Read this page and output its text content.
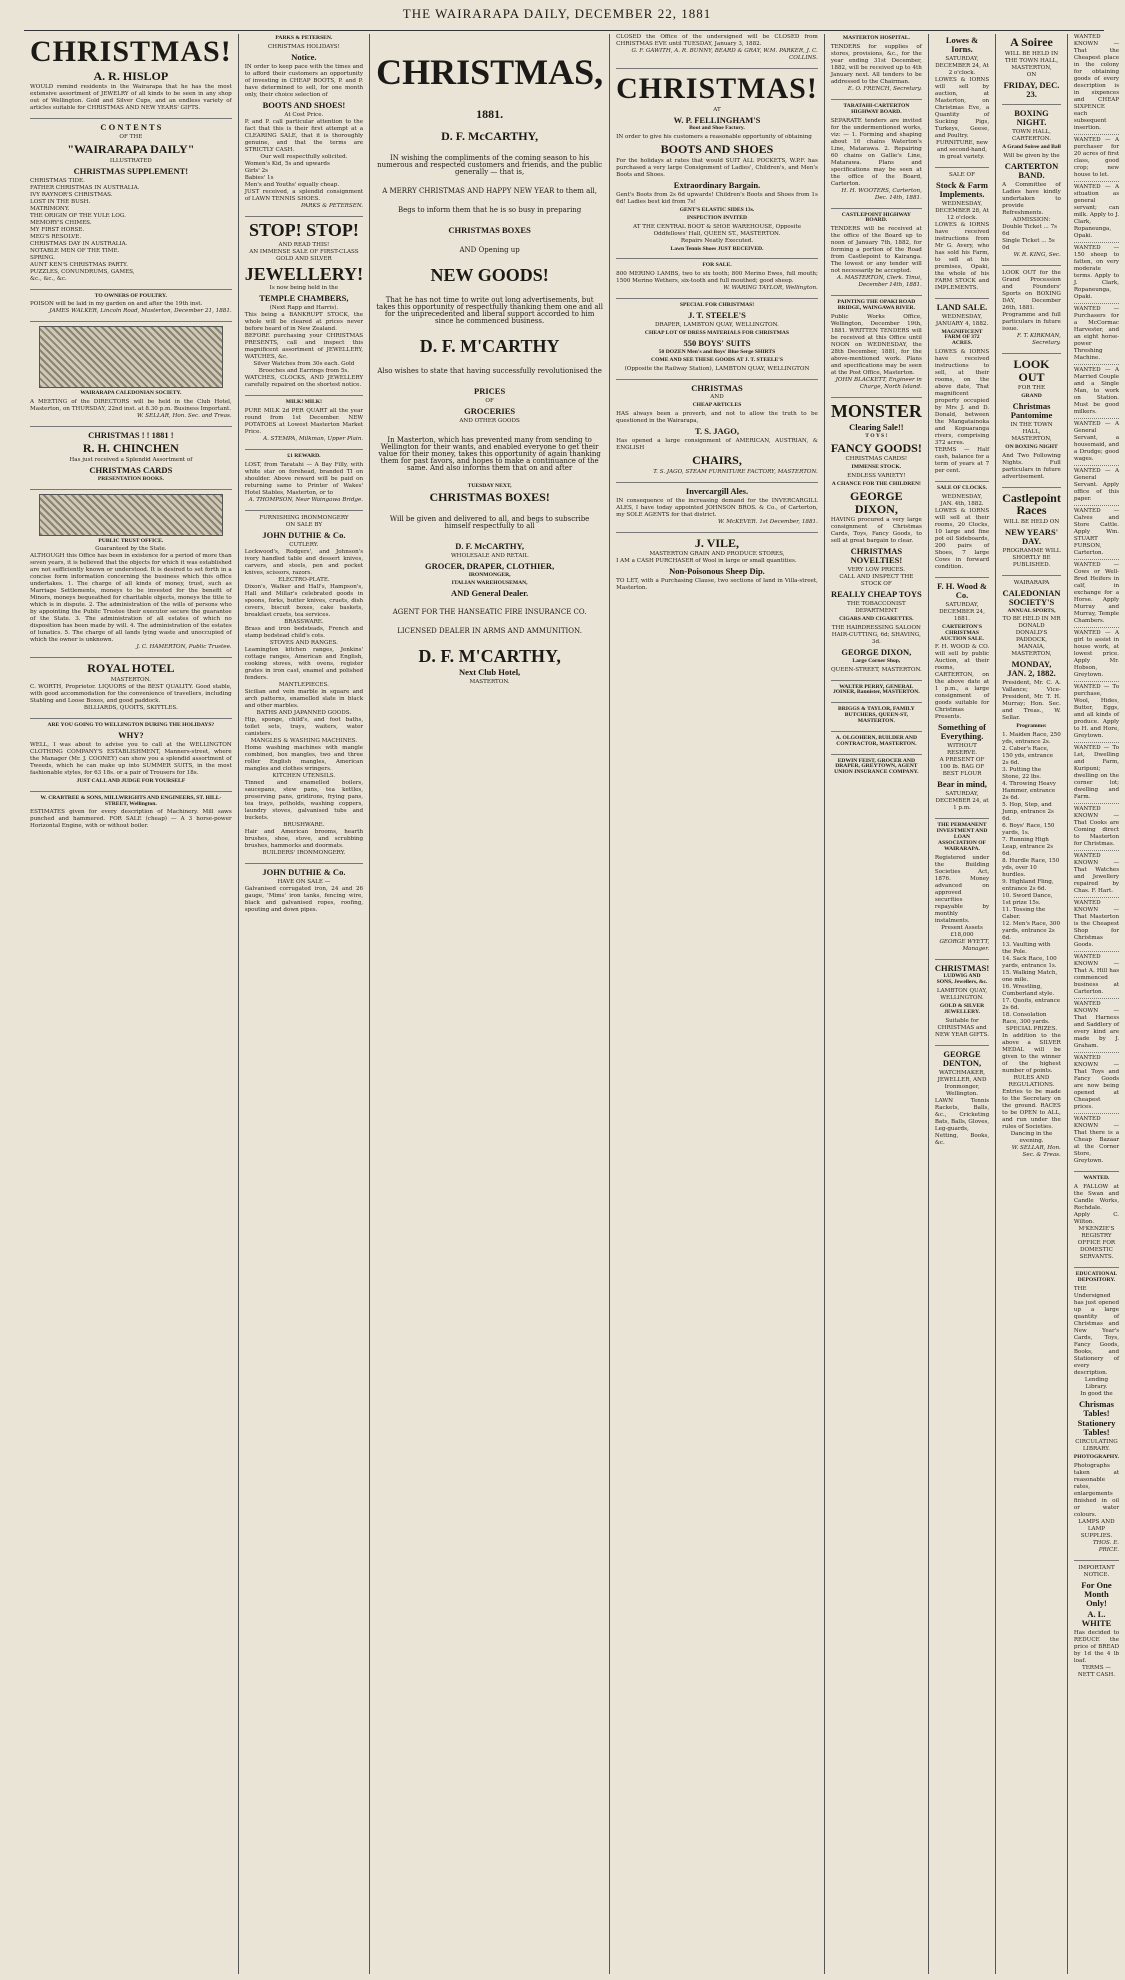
THE WAIRARAPA DAILY, DECEMBER 22, 1881
CHRISTMAS!
A. R. HISLOP
WOULD remind residents in the Wairarapa that he has the most extensive assortment of JEWELRY of all kinds to be seen in any shop out of Wellington. Gold and Silver Cups, and an endless variety of articles suitable for CHRISTMAS AND NEW YEARS' GIFTS.
C O N T E N T S
OF THE
"WAIRARAPA DAILY"
ILLUSTRATED
CHRISTMAS SUPPLEMENT!
CHRISTMAS TIDE.
FATHER CHRISTMAS IN AUSTRALIA.
IVY RAYNOR'S CHRISTMAS.
LOST IN THE BUSH.
MATRIMONY.
THE ORIGIN OF THE YULE LOG.
MEMORY'S CHIMES.
MY FIRST HORSE.
MEG'S RESOLVE.
CHRISTMAS DAY IN AUSTRALIA.
NOTABLE MEN OF THE TIME.
SPRING.
AUNT KEN'S CHRISTMAS PARTY.
PUZZLES, CONUNDRUMS, GAMES,
&c., &c., &c.
TO OWNERS OF POULTRY.
POISON will be laid in my garden on and after the 19th inst.
JAMES WALKER, Lincoln Road, Masterton, December 21, 1881.
WAIRARAPA CALEDONIAN SOCIETY.
A MEETING of the DIRECTORS will be held in the Club Hotel, Masterton, on THURSDAY, 22nd inst. at 8.30 p.m. Business Important.
W. SELLAR, Hon. Sec. and Treas.
CHRISTMAS ! ! 1881 !
R. H. CHINCHEN
Has just received a Splendid Assortment of
CHRISTMAS CARDS
PRESENTATION BOOKS.
PUBLIC TRUST OFFICE.
Guaranteed by the State.
ALTHOUGH this Office has been in existence for a period of more than seven years, it is believed that the objects for which it was established are not sufficiently known or understood. It is desired to set forth in a concise form information concerning the business which this office undertakes. 1. The charge of all kinds of money, trust, such as Marriage Settlements, moneys to be invested for the benefit of Minors, moneys bequeathed for charitable objects, moneys the title to which is in dispute. 2. The administration of the wills of persons who by appointing the Public Trustee their executor secure the guarantee of the State. 3. The administration of all estates of which no disposition has been made by will. 4. The administration of the estates of lunatics. 5. The charge of all lands lying waste and unoccupied of which the owner is unknown.
J. C. HAMERTON, Public Trustee.
ROYAL HOTEL
MASTERTON.
C. WORTH, Proprietor. LIQUORS of the BEST QUALITY. Good stable, with good accommodation for the convenience of travellers, including Stabling and Loose Boxes, and good paddock.
BILLIARDS, QUOITS, SKITTLES.
ARE YOU GOING TO WELLINGTON DURING THE HOLIDAYS?
WHY?
WELL, I was about to advise you to call at the WELLINGTON CLOTHING COMPANY'S ESTABLISHMENT, Manners-street, where the Manager (Mr. J. COONEY) can show you a splendid assortment of Tweeds, which he can make up into SUMMER SUITS, in the most fashionable styles, for 63 18s. or a pair of Trousers for 18s.
JUST CALL AND JUDGE FOR YOURSELF
W. CRABTREE & SONS, MILLWRIGHTS AND ENGINEERS, ST. HILL-STREET, Wellington.
ESTIMATES given for every description of Machinery. Mill saws punched and hammered. FOR SALE (cheap) — A 3 horse-power Horizontal Engine, with or without boiler.
PARKS & PETERSEN.
CHRISTMAS HOLIDAYS!
Notice.
IN order to keep pace with the times and to afford their customers an opportunity of investing in CHEAP BOOTS, P. and P. have determined to sell, for one month only, their choice selection of
BOOTS AND SHOES!
At Cost Price.
P. and P. call particular attention to the fact that this is their first attempt at a CLEARING SALE, that it is thoroughly genuine, and that the terms are STRICTLY CASH.
Our well respectfully solicited.
Women's Kid, 5s and upwards
Girls' 2s
Babies' 1s
Men's and Youths' equally cheap.
JUST received, a splendid consignment of LAWN TENNIS SHOES.
PARKS & PETERSEN.
STOP! STOP!
AND READ THIS!
AN IMMENSE SALE OF FIRST-CLASS GOLD AND SILVER
JEWELLERY!
Is now being held in the
TEMPLE CHAMBERS,
(Next Rapp and Harris).
This being a BANKRUPT STOCK, the whole will be cleared at prices never before heard of in New Zealand.
BEFORE purchasing your CHRISTMAS PRESENTS, call and inspect this magnificent assortment of JEWELLERY, WATCHES, &c.
Silver Watches from 30s each. Gold Brooches and Earrings from 5s.
WATCHES, CLOCKS, AND JEWELLERY carefully repaired on the shortest notice.
MILK! MILK!
PURE MILK 2d PER QUART all the year round from 1st December. NEW POTATOES at Lowest Masterton Market Price.
A. STEMPA, Milkman, Upper Plain.
£1 REWARD.
LOST, from Taratahi — A Bay Filly, with white star on forehead, branded TI on shoulder. Above reward will be paid on returning same to Printer of Wakes' Hotel Stables, Masterton, or to
A. THOMPSON, Near Waingawa Bridge.
FURNISHING IRONMONGERY
ON SALE BY
JOHN DUTHIE & Co.
CUTLERY.
Lockwood's, Rodgers', and Johnson's ivory handled table and dessert knives, carvers, and steels, pen and pocket knives, scissors, razors.
ELECTRO-PLATE.
Dixon's, Walker and Hall's, Hampson's, Hall and Millar's celebrated goods in spoons, forks, butter knives, cruets, dish covers, biscuit boxes, cake baskets, breakfast cruets, tea services.
BRASSWARE.
Brass and iron bedsteads, French and stamp bedstead child's cots.
STOVES AND RANGES.
Leamington kitchen ranges, Jenkins' cottage ranges, American and English, cooking stoves, with ovens, register grates in iron cast, enamel and polished fenders.
MANTLEPIECES.
Sicilian and vein marble in square and arch patterns, enamelled slate in black and other marbles.
BATHS AND JAPANNED GOODS.
Hip, sponge, child's, and foot baths, toilet sets, trays, waiters, water canisters.
MANGLES & WASHING MACHINES.
Home washing machines with mangle combined, box mangles, two and three roller English mangles, American mangles and clothes wringers.
KITCHEN UTENSILS.
Tinned and enamelled boilers, saucepans, stew pans, tea kettles, preserving pans, gridirons, frying pans, tea trays, potholds, washing coppers, laundry stoves, galvanised tubs and buckets.
BRUSHWARE.
Hair and American brooms, hearth brushes, shoe, stove, and scrubbing brushes, hammocks and doormats.
BUILDERS' IRONMONGERY.
JOHN DUTHIE & Co.
HAVE ON SALE —
Galvanised corrugated iron, 24 and 26 gauge, 'Mims' iron tanks, fencing wire, black and galvanised ropes, roofing, spouting and down pipes.
CHRISTMAS,
1881.
D. F. McCARTHY,
IN wishing the compliments of the coming season to his numerous and respected customers and friends, and the public generally — that is,
A MERRY CHRISTMAS AND HAPPY NEW YEAR to them all,
Begs to inform them that he is so busy in preparing
CHRISTMAS BOXES
AND Opening up
NEW GOODS!
That he has not time to write out long advertisements, but takes this opportunity of respectfully thanking them one and all for the unprecedented and liberal support accorded to him since he commenced business.
D. F. M'CARTHY
Also wishes to state that having successfully revolutionised the
PRICES
OF
GROCERIES
AND OTHER GOODS
In Masterton, which has prevented many from sending to Wellington for their wants, and enabled everyone to get their value for their money, takes this opportunity of again thanking them for past favors, and hopes to make a continuance of the same. And also informs them that on and after
TUESDAY NEXT,
CHRISTMAS BOXES!
Will be given and delivered to all, and begs to subscribe himself respectfully to all
D. F. McCARTHY,
WHOLESALE AND RETAIL
GROCER, DRAPER, CLOTHIER,
IRONMONGER,
ITALIAN WAREHOUSEMAN,
AND General Dealer.
AGENT FOR THE HANSEATIC FIRE INSURANCE CO.
LICENSED DEALER IN ARMS AND AMMUNITION.
D. F. M'CARTHY,
Next Club Hotel,
MASTERTON.
CLOSED the Office of the undersigned will be CLOSED from CHRISTMAS EVE until TUESDAY, January 3, 1882.
G. F. GAWITH, A. R. BUNNY, BEARD & GRAY, W.M. PARKER, J. C. COLLINS.
CHRISTMAS!
AT
W. P. FELLINGHAM'S
Boot and Shoe Factory.
IN order to give his customers a reasonable opportunity of obtaining
BOOTS AND SHOES
For the holidays at rates that would SUIT ALL POCKETS, W.P.F. has purchased a very large Consignment of Ladies', Children's, and Men's Boots and Shoes.
Extraordinary Bargain.
Gent's Boots from 2s 6d upwards! Children's Boots and Shoes from 1s 6d! Ladies best kid from 7s!
GENT'S ELASTIC SIDES 13s.
INSPECTION INVITED
AT THE CENTRAL BOOT & SHOE WAREHOUSE, Opposite Oddfellows' Hall, QUEEN ST., MASTERTON.
Repairs Neatly Executed.
Lawn Tennis Shoes JUST RECEIVED.
FOR SALE.
800 MERINO LAMBS, two to six tooth; 800 Merino Ewes, full mouth; 1500 Merino Wethers, six-tooth and full mouthed; good sheep.
W. WARING TAYLOR, Wellington.
SPECIAL FOR CHRISTMAS!
J. T. STEELE'S
DRAPER, LAMBTON QUAY, WELLINGTON.
CHEAP LOT OF DRESS MATERIALS FOR CHRISTMAS
550 BOYS' SUITS
50 DOZEN Men's and Boys' Blue Serge SHIRTS
COME AND SEE THESE GOODS AT J. T. STEELE'S
(Opposite the Railway Station), LAMBTON QUAY, WELLINGTON
CHRISTMAS
AND
CHEAP ARTICLES
HAS always been a proverb, and not to allow the truth to be questioned in the Wairarapa,
T. S. JAGO,
Has opened a large consignment of AMERICAN, AUSTRIAN, & ENGLISH
CHAIRS,
T. S. JAGO, STEAM FURNITURE FACTORY, MASTERTON.
Invercargill Ales.
IN consequence of the increasing demand for the INVERCARGILL ALES, I have today appointed JOHNSON BROS. & Co., of Carterton, my SOLE AGENTS for that district.
W. McKEVER. 1st December, 1881.
J. VILE,
MASTERTON GRAIN AND PRODUCE STORES,
I AM a CASH PURCHASER of Wool in large or small quantities.
Non-Poisonous Sheep Dip.
TO LET, with a Purchasing Clause, two sections of land in Villa-street, Masterton.
MASTERTON HOSPITAL.
TENDERS for supplies of stores, provisions, &c., for the year ending 31st December, 1882, will be received up to 4th January next. All tenders to be addressed to the Chairman.
E. O. FRENCH, Secretary.
TARATAHI-CARTERTON HIGHWAY BOARD.
SEPARATE tenders are invited for the undermentioned works, viz: — 1. Forming and shaping about 16 chains Waterton's Line, Matarawa. 2. Repairing 60 chains on Gallie's Line, Matarawa. Plans and specifications may be seen at the office of the Board, Carterton.
H. H. WOOTERS, Carterton, Dec. 14th, 1881.
CASTLEPOINT HIGHWAY BOARD.
TENDERS will be received at the office of the Board up to noon of January 7th, 1882, for forming a portion of the Road from Castlepoint to Kairanga. The lowest or any tender will not necessarily be accepted.
A. MASTERTON, Clerk. Tinui, December 14th, 1881.
PAINTING THE OPAKI ROAD BRIDGE, WAINGAWA RIVER.
Public Works Office, Wellington, December 19th, 1881. WRITTEN TENDERS will be received at this Office until NOON on WEDNESDAY, the 28th December, 1881, for the above-mentioned work. Plans and specifications may be seen at the Post Office, Masterton.
JOHN BLACKETT, Engineer in Charge, North Island.
MONSTER
Clearing Sale!!
T O Y S !
FANCY GOODS!
CHRISTMAS CARDS!
IMMENSE STOCK.
ENDLESS VARIETY!
A CHANCE FOR THE CHILDREN!
GEORGE DIXON,
HAVING procured a very large consignment of Christmas Cards, Toys, Fancy Goods, to sell at great bargain to clear.
CHRISTMAS NOVELTIES!
VERY LOW PRICES.
CALL AND INSPECT THE STOCK OF
REALLY CHEAP TOYS
THE TOBACCONIST DEPARTMENT
CIGARS AND CIGARETTES.
THE HAIRDRESSING SALOON
HAIR-CUTTING, 6d; SHAVING, 3d.
GEORGE DIXON,
Large Corner Shop,
QUEEN-STREET, MASTERTON.
WALTER PERRY, GENERAL JOINER, Bannister, MASTERTON.
BRIGGS & TAYLOR, FAMILY BUTCHERS, QUEEN-ST, MASTERTON.
A. OLGOHERN, BUILDER AND CONTRACTOR, MASTERTON.
EDWIN FEIST, GROCER AND DRAPER, GREYTOWN, AGENT UNION INSURANCE COMPANY.
Lowes & Iorns.
SATURDAY, DECEMBER 24, At 2 o'clock.
LOWES & IORNS will sell by auction, at Masterton, on Christmas Eve, a Quantity of Sucking Pigs, Turkeys, Geese, and Poultry.
FURNITURE, new and second-hand, in great variety.
SALE OF
Stock & Farm Implements.
WEDNESDAY, DECEMBER 28, At 12 o'clock.
LOWES & IORNS have received instructions from Mr G. Avery, who has sold his Farm, to sell at his premises, Opaki, the whole of his FARM STOCK and IMPLEMENTS.
LAND SALE.
WEDNESDAY, JANUARY 4, 1882.
MAGNIFICENT FARM OF 372 ACRES.
LOWES & IORNS have received instructions to sell, at their rooms, on the above date, That magnificent property occupied by Mrs J. and D. Donald, between the Mangatainoka and Kopuaranga rivers, comprising 372 acres.
TERMS — Half cash, balance for a term of years at 7 per cent.
SALE OF CLOCKS.
WEDNESDAY, JAN. 4th, 1882.
LOWES & IORNS will sell at their rooms, 20 Clocks, 10 large and fine pot oil Sideboards, 200 pairs of Shoes, 7 large Cows in forward condition.
F. H. Wood & Co.
SATURDAY, DECEMBER 24, 1881.
CARTERTON'S CHRISTMAS AUCTION SALE.
F. H. WOOD & CO. will sell by public Auction, at their rooms, CARTERTON, on the above date at 1 p.m., a large consignment of goods suitable for Christmas Presents.
Something of Everything.
WITHOUT RESERVE.
A PRESENT OF 100 lb. BAG OF BEST FLOUR
Bear in mind,
SATURDAY, DECEMBER 24, at 1 p.m.
THE PERMANENT INVESTMENT AND LOAN ASSOCIATION OF WAIRARAPA.
Registered under the Building Societies Act, 1876. Money advanced on approved securities repayable by monthly instalments.
Present Assets £18,000
GEORGE WYETT, Manager.
CHRISTMAS!
LUDWIG AND SONS, Jewellers, &c.
LAMBTON QUAY, WELLINGTON.
GOLD & SILVER JEWELLERY.
Suitable for CHRISTMAS and NEW YEAR GIFTS.
GEORGE DENTON,
WATCHMAKER, JEWELLER, AND Ironmonger, Wellington.
LAWN Tennis Rackets, Balls, &c., Cricketing Bats, Balls, Gloves, Leg-guards, Netting, Books, &c.
A Soiree
WILL BE HELD IN THE TOWN HALL, MASTERTON,
ON
FRIDAY, DEC. 23.
BOXING NIGHT.
TOWN HALL, CARTERTON.
A Grand Soiree and Ball
Will be given by the
CARTERTON BAND.
A Committee of Ladies have kindly undertaken to provide Refreshments.
ADMISSION:
Double Ticket ... 7s 6d
Single Ticket ... 5s 0d
W. R. KING, Sec.
LOOK OUT for the Grand Procession and Founders' Sports on BOXING DAY, December 26th, 1881.
Programme and full particulars in future issue.
F. T. KIRKMAN, Secretary.
LOOK OUT
FOR THE
GRAND
Christmas Pantomime
IN THE TOWN HALL, MASTERTON,
ON BOXING NIGHT
And Two Following Nights. Full particulars in future advertisement.
Castlepoint Races
WILL BE HELD ON
NEW YEARS' DAY.
PROGRAMME WILL SHORTLY BE PUBLISHED.
WAIRARAPA
CALEDONIAN SOCIETY'S
ANNUAL SPORTS,
TO BE HELD IN MR DONALD DONALD'S PADDOCK, MANAIA, MASTERTON,
MONDAY, JAN. 2, 1882.
President, Mr. C. A. Vallance; Vice-President, Mr. T. H. Murray; Hon. Sec. and Treas., W. Sellar.
Programme:
1. Maiden Race, 250 yds, entrance 2s.
2. Caber's Race, 150 yds, entrance 2s 6d.
3. Putting the Stone, 22 lbs.
4. Throwing Heavy Hammer, entrance 2s 6d.
5. Hop, Step, and Jump, entrance 2s 6d.
6. Boys' Race, 150 yards, 1s.
7. Running High Leap, entrance 2s 6d.
8. Hurdle Race, 150 yds, over 10 hurdles.
9. Highland Fling, entrance 2s 6d.
10. Sword Dance, 1st prize 15s.
11. Tossing the Caber.
12. Men's Race, 300 yards, entrance 2s 6d.
13. Vaulting with the Pole.
14. Sack Race, 100 yards, entrance 1s.
15. Walking Match, one mile.
16. Wrestling, Cumberland style.
17. Quoits, entrance 2s 6d.
18. Consolation Race, 300 yards.
SPECIAL PRIZES.
In addition to the above a SILVER MEDAL will be given to the winner of the highest number of points.
RULES AND REGULATIONS.
Entries to be made to the Secretary on the ground. RACES to be OPEN to ALL, and run under the rules of Societies.
Dancing in the evening.
W. SELLAR, Hon. Sec. & Treas.
WANTED KNOWN — That the Cheapest place in the colony for obtaining goods of every description is in sixpences and CHEAP SIXPENCE each subsequent insertion.
WANTED — A purchaser for 20 acres of first class, good crop; new house to let.
WANTED — A situation as general servant; can milk. Apply to J. Clark, Ropaneunga, Opaki.
WANTED — 150 sheep to fatten, on very moderate terms. Apply to J. Clark, Ropaneunga, Opaki.
WANTED — Purchasers for a McCormac Harvester, and an eight horse-power Threshing Machine.
WANTED — A Married Couple and a Single Man, to work on Station. Must be good milkers.
WANTED — A General Servant, a housemaid, and a Drudge; good wages.
WANTED — A General Servant. Apply office of this paper.
WANTED — Calves and Store Cattle. Apply Wm. STUART FURSON, Carterton.
WANTED — Cows or Well-Bred Heifers in calf, in exchange for a Horse. Apply Murray and Murray, Temple Chambers.
WANTED — A girl to assist in house work, at lowest price. Apply Mr. Hobson, Greytown.
WANTED — To purchase, Wool, Hides, Butter, Eggs, and all kinds of produce. Apply to H. and Hore, Greytown.
WANTED — To Let, Dwelling and Farm, Kuripuni; dwelling on the corner lot; dwelling and Farm.
WANTED KNOWN — That Cooks are Coming direct to Masterton for Christmas.
WANTED KNOWN — That Watches and Jewellery repaired by Chas. F. Hart.
WANTED KNOWN — That Masterton is the Cheapest Shop for Christmas Goods.
WANTED KNOWN — That A. Hill has commenced business at Carterton.
WANTED KNOWN — That Harness and Saddlery of every kind are made by J. Graham.
WANTED KNOWN — That Toys and Fancy Goods are now being opened at Cheapest prices.
WANTED KNOWN — That there is a Cheap Bazaar at the Corner Store, Greytown.
WANTED.
A FALLOW at the Swan and Candle Works, Rochdale. Apply C. Wilton.
M'KENZIE'S REGISTRY OFFICE FOR DOMESTIC SERVANTS.
EDUCATIONAL DEPOSITORY.
THE Undersigned has just opened up a large quantity of Christmas and New Year's Cards, Toys, Fancy Goods, Books, and Stationery of every description.
Lending Library.
In good the
Chrismas Tables!
Stationery Tables!
CIRCULATING LIBRARY.
PHOTOGRAPHY.
Photographs taken at reasonable rates, enlargements finished in oil or water colours.
LAMPS AND LAMP SUPPLIES.
THOS. E. PRICE.
IMPORTANT NOTICE.
For One Month Only!
A. L. WHITE
Has decided to REDUCE the price of BREAD by 1d the 4 lb loaf.
TERMS — NETT CASH.
